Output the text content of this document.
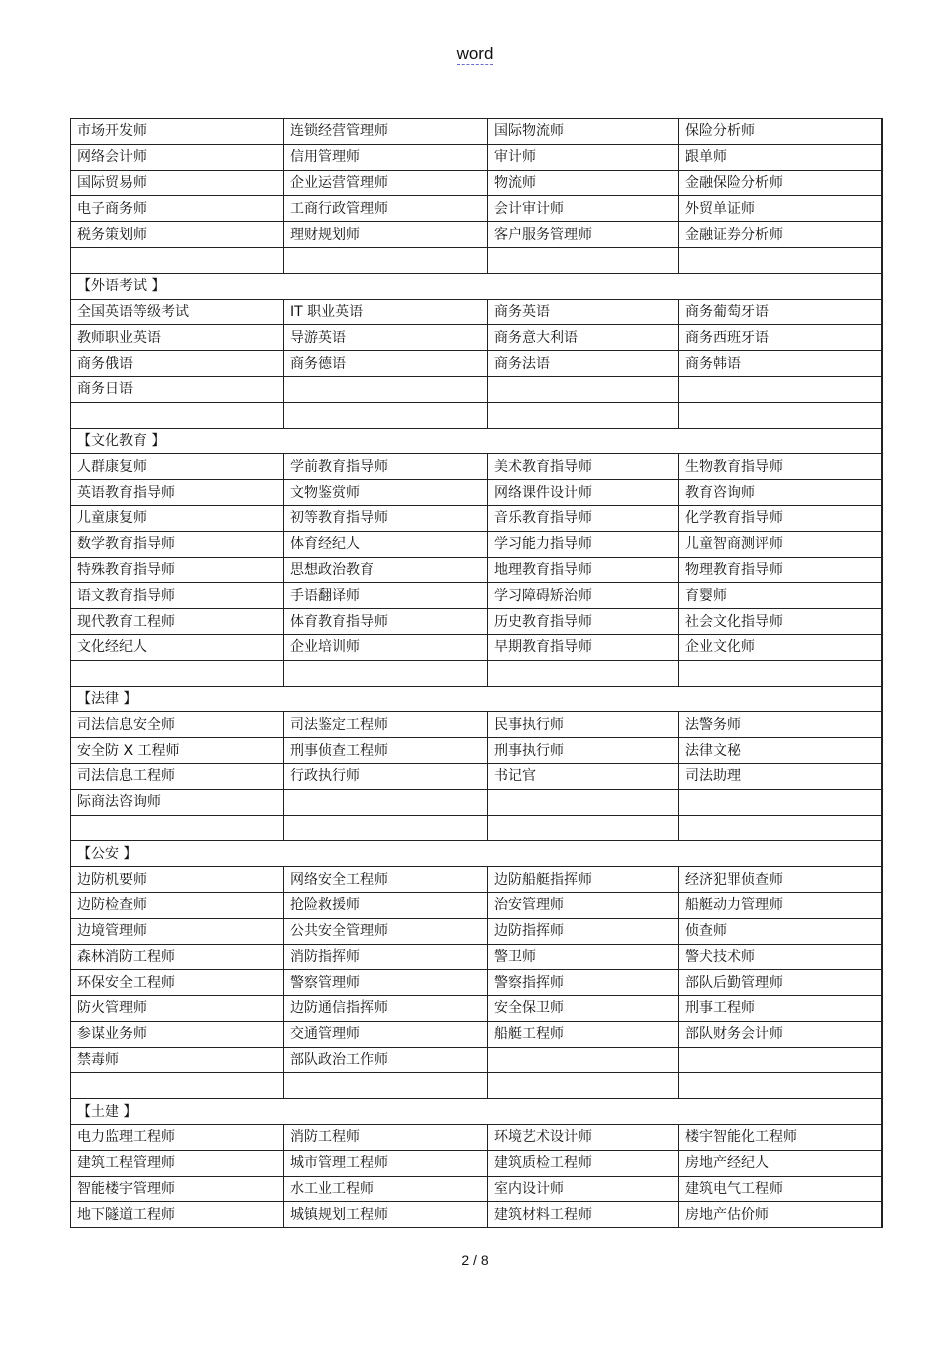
word
市场开发师	连锁经营管理师	国际物流师	保险分析师
网络会计师	信用管理师	审计师	跟单师
国际贸易师	企业运营管理师	物流师	金融保险分析师
电子商务师	工商行政管理师	会计审计师	外贸单证师
税务策划师	理财规划师	客户服务管理师	金融证券分析师

【外语考试 】			
全国英语等级考试	IT 职业英语	商务英语	商务葡萄牙语
教师职业英语	导游英语	商务意大利语	商务西班牙语
商务俄语	商务德语	商务法语	商务韩语
商务日语			

【文化教育 】			
人群康复师	学前教育指导师	美术教育指导师	生物教育指导师
英语教育指导师	文物鉴赏师	网络课件设计师	教育咨询师
儿童康复师	初等教育指导师	音乐教育指导师	化学教育指导师
数学教育指导师	体育经纪人	学习能力指导师	儿童智商测评师
特殊教育指导师	思想政治教育	地理教育指导师	物理教育指导师
语文教育指导师	手语翻译师	学习障碍矫治师	育婴师
现代教育工程师	体育教育指导师	历史教育指导师	社会文化指导师
文化经纪人	企业培训师	早期教育指导师	企业文化师

【法律 】			
司法信息安全师	司法鉴定工程师	民事执行师	法警务师
安全防 X 工程师	刑事侦查工程师	刑事执行师	法律文秘
司法信息工程师	行政执行师	书记官	司法助理
际商法咨询师			

【公安 】			
边防机要师	网络安全工程师	边防船艇指挥师	经济犯罪侦查师
边防检查师	抢险救援师	治安管理师	船艇动力管理师
边境管理师	公共安全管理师	边防指挥师	侦查师
森林消防工程师	消防指挥师	警卫师	警犬技术师
环保安全工程师	警察管理师	警察指挥师	部队后勤管理师
防火管理师	边防通信指挥师	安全保卫师	刑事工程师
参谋业务师	交通管理师	船艇工程师	部队财务会计师
禁毒师	部队政治工作师		

【土建 】			
电力监理工程师	消防工程师	环境艺术设计师	楼宇智能化工程师
建筑工程管理师	城市管理工程师	建筑质检工程师	房地产经纪人
智能楼宇管理师	水工业工程师	室内设计师	建筑电气工程师
地下隧道工程师	城镇规划工程师	建筑材料工程师	房地产估价师
2 / 8
